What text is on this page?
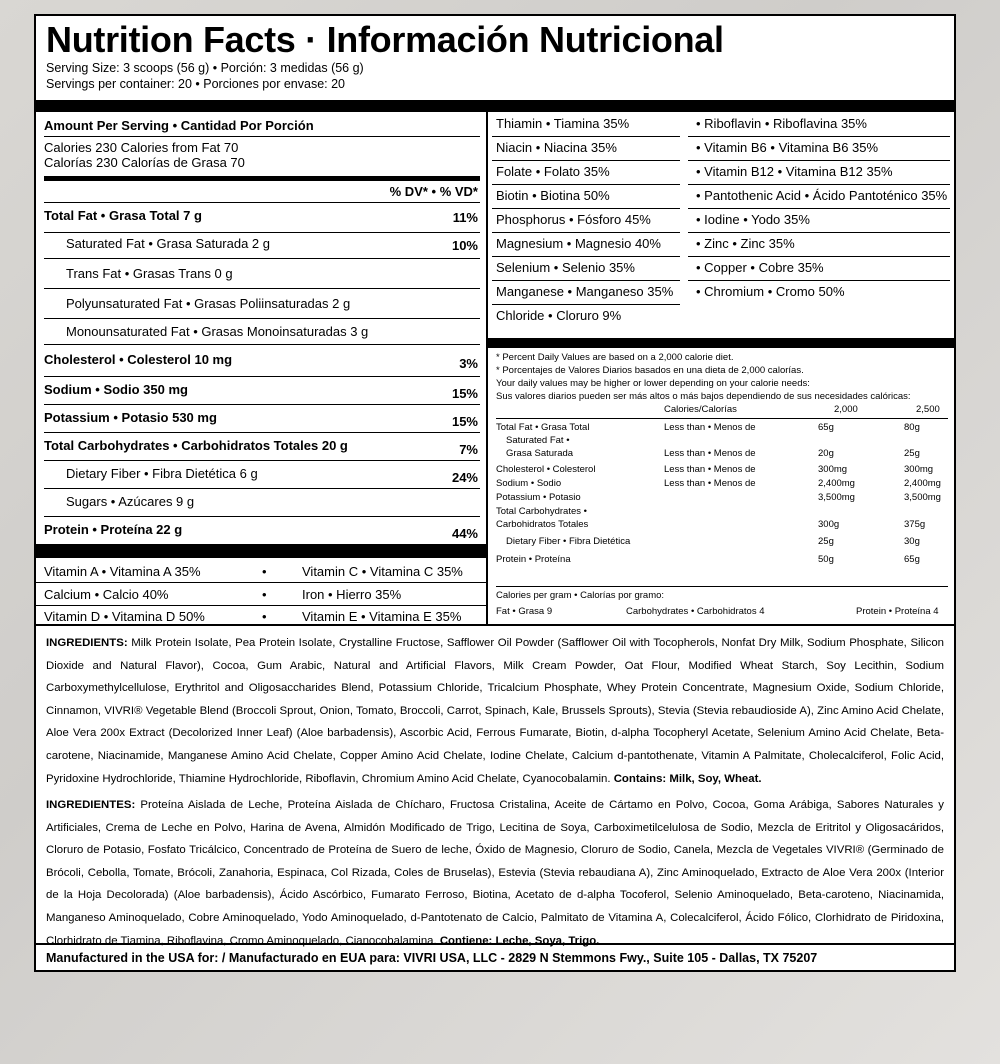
Nutrition Facts · Información Nutricional
Serving Size: 3 scoops (56 g) • Porción: 3 medidas (56 g)
Servings per container: 20 • Porciones por envase: 20
Amount Per Serving • Cantidad Por Porción
Calories 230 Calories from Fat 70
Calorías 230 Calorías de Grasa 70
% DV* • % VD*
Total Fat • Grasa Total 7 g	11%
Saturated Fat • Grasa Saturada 2 g	10%
Trans Fat • Grasas Trans 0 g
Polyunsaturated Fat • Grasas Poliinsaturadas 2 g
Monounsaturated Fat • Grasas Monoinsaturadas 3 g
Cholesterol • Colesterol 10 mg	3%
Sodium • Sodio 350 mg	15%
Potassium • Potasio 530 mg	15%
Total Carbohydrates • Carbohidratos Totales 20 g	7%
Dietary Fiber • Fibra Dietética 6 g	24%
Sugars • Azúcares 9 g
Protein • Proteína 22 g	44%
Vitamin A • Vitamina A 35%	•	Vitamin C • Vitamina C 35%
Calcium • Calcio 40%	•	Iron • Hierro 35%
Vitamin D • Vitamina D 50%	•	Vitamin E • Vitamina E 35%
Thiamin • Tiamina 35%	• Riboflavin • Riboflavina 35%
Niacin • Niacina 35%	• Vitamin B6 • Vitamina B6 35%
Folate • Folato 35%	• Vitamin B12 • Vitamina B12 35%
Biotin • Biotina 50%	• Pantothenic Acid • Ácido Pantoténico 35%
Phosphorus • Fósforo 45%	• Iodine • Yodo 35%
Magnesium • Magnesio 40%	• Zinc • Zinc 35%
Selenium • Selenio 35%	• Copper • Cobre 35%
Manganese • Manganeso 35% • Chromium • Cromo 50%
Chloride • Cloruro 9%
* Percent Daily Values are based on a 2,000 calorie diet.
* Porcentajes de Valores Diarios basados en una dieta de 2,000 calorías.
Your daily values may be higher or lower depending on your calorie needs:
Sus valores diarios pueden ser más altos o más bajos dependiendo de sus necesidades calóricas:
Calories/Calorías	2,000	2,500
Total Fat • Grasa Total	Less than • Menos de	65g	80g
Saturated Fat •
Grasa Saturada	Less than • Menos de	20g	25g
Cholesterol • Colesterol	Less than • Menos de	300mg	300mg
Sodium • Sodio	Less than • Menos de	2,400mg	2,400mg
Potassium • Potasio	3,500mg	3,500mg
Total Carbohydrates •
Carbohidratos Totales	300g	375g
Dietary Fiber • Fibra Dietética	25g	30g
Protein • Proteína	50g	65g
Calories per gram • Calorías por gramo:
Fat • Grasa 9	Carbohydrates • Carbohidratos 4	Protein • Proteína 4
INGREDIENTS: Milk Protein Isolate, Pea Protein Isolate, Crystalline Fructose, Safflower Oil Powder (Safflower Oil with Tocopherols, Nonfat Dry Milk, Sodium Phosphate, Silicon Dioxide and Natural Flavor), Cocoa, Gum Arabic, Natural and Artificial Flavors, Milk Cream Powder, Oat Flour, Modified Wheat Starch, Soy Lecithin, Sodium Carboxymethylcellulose, Erythritol and Oligosaccharides Blend, Potassium Chloride, Tricalcium Phosphate, Whey Protein Concentrate, Magnesium Oxide, Sodium Chloride, Cinnamon, VIVRI® Vegetable Blend (Broccoli Sprout, Onion, Tomato, Broccoli, Carrot, Spinach, Kale, Brussels Sprouts), Stevia (Stevia rebaudioside A), Zinc Amino Acid Chelate, Aloe Vera 200x Extract (Decolorized Inner Leaf) (Aloe barbadensis), Ascorbic Acid, Ferrous Fumarate, Biotin, d-alpha Tocopheryl Acetate, Selenium Amino Acid Chelate, Beta-carotene, Niacinamide, Manganese Amino Acid Chelate, Copper Amino Acid Chelate, Iodine Chelate, Calcium d-pantothenate, Vitamin A Palmitate, Cholecalciferol, Folic Acid, Pyridoxine Hydrochloride, Thiamine Hydrochloride, Riboflavin, Chromium Amino Acid Chelate, Cyanocobalamin. Contains: Milk, Soy, Wheat.
INGREDIENTES: Proteína Aislada de Leche, Proteína Aislada de Chícharo, Fructosa Cristalina, Aceite de Cártamo en Polvo, Cocoa, Goma Arábiga, Sabores Naturales y Artificiales, Crema de Leche en Polvo, Harina de Avena, Almidón Modificado de Trigo, Lecitina de Soya, Carboximetilcelulosa de Sodio, Mezcla de Eritritol y Oligosacáridos, Cloruro de Potasio, Fosfato Tricálcico, Concentrado de Proteína de Suero de leche, Óxido de Magnesio, Cloruro de Sodio, Canela, Mezcla de Vegetales VIVRI® (Germinado de Brócoli, Cebolla, Tomate, Brócoli, Zanahoria, Espinaca, Col Rizada, Coles de Bruselas), Estevia (Stevia rebaudiana A), Zinc Aminoquelado, Extracto de Aloe Vera 200x (Interior de la Hoja Decolorada) (Aloe barbadensis), Ácido Ascórbico, Fumarato Ferroso, Biotina, Acetato de d-alpha Tocoferol, Selenio Aminoquelado, Beta-caroteno, Niacinamida, Manganeso Aminoquelado, Cobre Aminoquelado, Yodo Aminoquelado, d-Pantotenato de Calcio, Palmitato de Vitamina A, Colecalciferol, Ácido Fólico, Clorhidrato de Piridoxina, Clorhidrato de Tiamina, Riboflavina, Cromo Aminoquelado, Cianocobalamina. Contiene: Leche, Soya, Trigo.
Manufactured in the USA for: / Manufacturado en EUA para: VIVRI USA, LLC - 2829 N Stemmons Fwy., Suite 105 - Dallas, TX 75207
